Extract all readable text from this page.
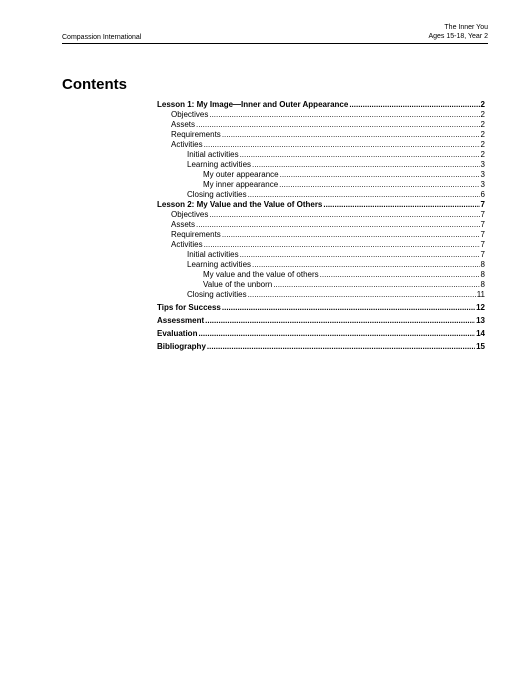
Compassion International
The Inner You
Ages 15-18, Year 2
Contents
Lesson 1: My Image—Inner and Outer Appearance .....	2
Objectives .....	2
Assets .....	2
Requirements .....	2
Activities .....	2
Initial activities .....	2
Learning activities .....	3
My outer appearance .....	3
My inner appearance .....	3
Closing activities .....	6
Lesson 2: My Value and the Value of Others .....	7
Objectives .....	7
Assets .....	7
Requirements .....	7
Activities .....	7
Initial activities .....	7
Learning activities .....	8
My value and the value of others .....	8
Value of the unborn .....	8
Closing activities .....	11
Tips for Success .....	12
Assessment .....	13
Evaluation .....	14
Bibliography .....	15
